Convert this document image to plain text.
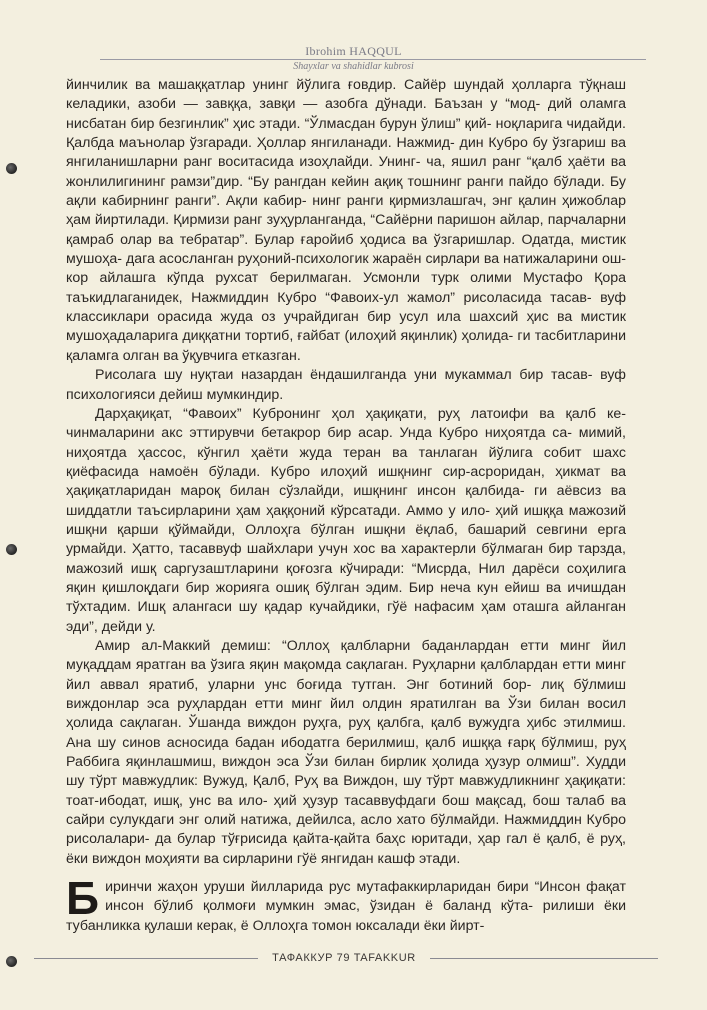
Ibrohim HAQQUL
Shayxlar va shahidlar kubrosi

йинчилик ва машаққатлар унинг йўлига ғовдир. Сайёр шундай ҳолларга тўқнаш келадики, азоби — завққа, завқи — азобга дўнади. Баъзан у “мод- дий оламга нисбатан бир безгинлик” ҳис этади. “Ўлмасдан бурун ўлиш” қий- ноқларига чидайди. Қалбда маънолар ўзгаради. Ҳоллар янгиланади. Нажмид- дин Кубро бу ўзгариш ва янгиланишларни ранг воситасида изоҳлайди. Унинг- ча, яшил ранг “қалб ҳаёти ва жонлилигининг рамзи”дир. “Бу рангдан кейин ақиқ тошнинг ранги пайдо бўлади. Бу ақли кабирнинг ранги”. Ақли кабир- нинг ранги қирмизлашгач, энг қалин ҳижоблар ҳам йиртилади. Қирмизи ранг зуҳурланганда, “Сайёрни паришон айлар, парчаларни қамраб олар ва тебратар”. Булар ғаройиб ҳодиса ва ўзгаришлар. Одатда, мистик мушоҳа- дага асосланган руҳоний-психологик жараён сирлари ва натижаларини ош- кор айлашга кўпда рухсат берилмаган. Усмонли турк олими Мустафо Қора таъкидлаганидек, Нажмиддин Кубро “Фавоих-ул жамол” рисоласида тасав- вуф классиклари орасида жуда оз учрайдиган бир усул ила шахсий ҳис ва мистик мушоҳадаларига диққатни тортиб, ғайбат (илоҳий яқинлик) ҳолида- ги тасбитларини қаламга олган ва ўқувчига етказган.

Рисолага шу нуқтаи назардан ёндашилганда уни мукаммал бир тасав- вуф психологияси дейиш мумкиндир.

Дарҳақиқат, “Фавоих” Кубронинг ҳол ҳақиқати, руҳ латоифи ва қалб ке- чинмаларини акс эттирувчи бетакрор бир асар. Унда Кубро ниҳоятда са- мимий, ниҳоятда ҳассос, кўнгил ҳаёти жуда теран ва танлаган йўлига собит шахс қиёфасида намоён бўлади. Кубро илоҳий ишқнинг сир-асроридан, ҳикмат ва ҳақиқатларидан мароқ билан сўзлайди, ишқнинг инсон қалбида- ги аёвсиз ва шиддатли таъсирларини ҳам ҳаққоний кўрсатади. Аммо у ило- ҳий ишққа мажозий ишқни қарши қўймайди, Оллоҳга бўлган ишқни ёқлаб, башарий севгини ерга урмайди. Ҳатто, тасаввуф шайхлари учун хос ва характерли бўлмаган бир тарзда, мажозий ишқ саргузаштларини қоғозга кўчиради: “Мисрда, Нил дарёси соҳилига яқин қишлоқдаги бир жорияга ошиқ бўлган эдим. Бир неча кун ейиш ва ичишдан тўхтадим. Ишқ алангаси шу қадар кучайдики, гўё нафасим ҳам оташга айланган эди”, дейди у.

Амир ал-Маккий демиш: “Оллоҳ қалбларни баданлардан етти минг йил муқаддам яратган ва ўзига яқин мақомда сақлаган. Руҳларни қалблардан етти минг йил аввал яратиб, уларни унс боғида тутган. Энг ботиний бор- лиқ бўлмиш виждонлар эса руҳлардан етти минг йил олдин яратилган ва Ўзи билан восил ҳолида сақлаган. Ўшанда виждон руҳга, руҳ қалбга, қалб вужудга ҳибс этилмиш. Ана шу синов асносида бадан ибодатга берилмиш, қалб ишққа ғарқ бўлмиш, руҳ Раббига яқинлашмиш, виждон эса Ўзи билан бирлик ҳолида ҳузур олмиш”. Худди шу тўрт мавжудлик: Вужуд, Қалб, Руҳ ва Виждон, шу тўрт мавжудликнинг ҳақиқати: тоат-ибодат, ишқ, унс ва ило- ҳий ҳузур тасаввуфдаги бош мақсад, бош талаб ва сайри сулукдаги энг олий натижа, дейилса, асло хато бўлмайди. Нажмиддин Кубро рисолалари- да булар тўғрисида қайта-қайта баҳс юритади, ҳар гал ё қалб, ё руҳ, ёки виждон моҳияти ва сирларини гўё янгидан кашф этади.

Биринчи жаҳон уруши йилларида рус мутафаккирларидан бири “Инсон фақат инсон бўлиб қолмоғи мумкин эмас, ўзидан ё баланд кўта- рилиши ёки тубанликка қулаши керак, ё Оллоҳга томон юксалади ёки йирт-

ТАФАККУР 79 TAFAKKUR
